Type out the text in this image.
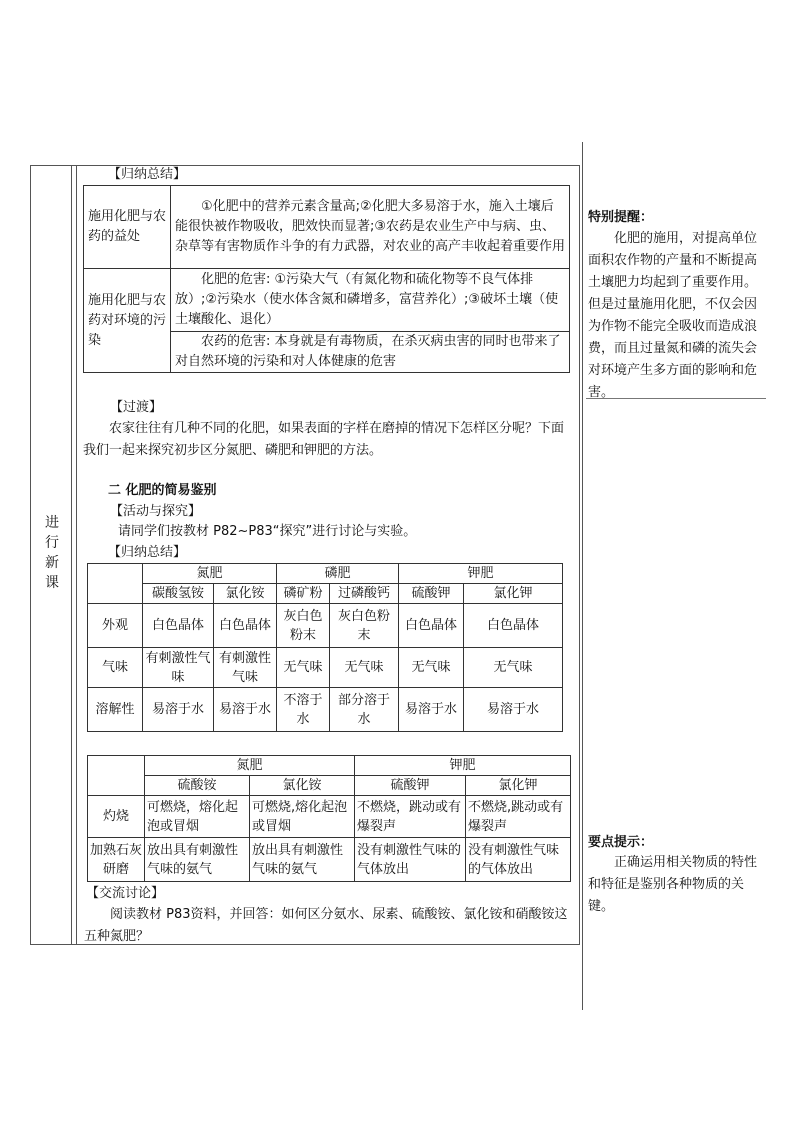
进
行
新
课
【归纳总结】
施用化肥与农药的益处	①化肥中的营养元素含量高;②化肥大多易溶于水，施入土壤后能很快被作物吸收，肥效快而显著;③农药是农业生产中与病、虫、杂草等有害物质作斗争的有力武器，对农业的高产丰收起着重要作用
施用化肥与农药对环境的污染	化肥的危害: ①污染大气（有氮化物和硫化物等不良气体排放）;②污染水（使水体含氮和磷增多，富营养化）;③破坏土壤（使土壤酸化、退化）
	农药的危害: 本身就是有毒物质，在杀灭病虫害的同时也带来了对自然环境的污染和对人体健康的危害
【过渡】
农家往往有几种不同的化肥，如果表面的字样在磨掉的情况下怎样区分呢？下面我们一起来探究初步区分氮肥、磷肥和钾肥的方法。
二 化肥的简易鉴别
【活动与探究】
请同学们按教材 P82~P83“探究”进行讨论与实验。
【归纳总结】
	氮肥		磷肥		钾肥	
	碳酸氢铵	氯化铵	磷矿粉	过磷酸钙	硫酸钾	氯化钾
外观	白色晶体	白色晶体	灰白色粉末	灰白色粉末	白色晶体	白色晶体
气味	有刺激性气味	有刺激性气味	无气味	无气味	无气味	无气味
溶解性	易溶于水	易溶于水	不溶于水	部分溶于水	易溶于水	易溶于水
	氮肥		钾肥	
	硫酸铵	氯化铵	硫酸钾	氯化钾
灼烧	可燃烧，熔化起泡或冒烟	可燃烧,熔化起泡或冒烟	不燃烧，跳动或有爆裂声	不燃烧,跳动或有爆裂声
加熟石灰研磨	放出具有刺激性气味的氨气	放出具有刺激性气味的氨气	没有刺激性气味的气体放出	没有刺激性气味的气体放出
【交流讨论】
阅读教材 P83资料，并回答：如何区分氨水、尿素、硫酸铵、氯化铵和硝酸铵这五种氮肥？
特别提醒：
化肥的施用，对提高单位面积农作物的产量和不断提高土壤肥力均起到了重要作用。但是过量施用化肥，不仅会因为作物不能完全吸收而造成浪费，而且过量氮和磷的流失会对环境产生多方面的影响和危害。
要点提示：
正确运用相关物质的特性和特征是鉴别各种物质的关键。
